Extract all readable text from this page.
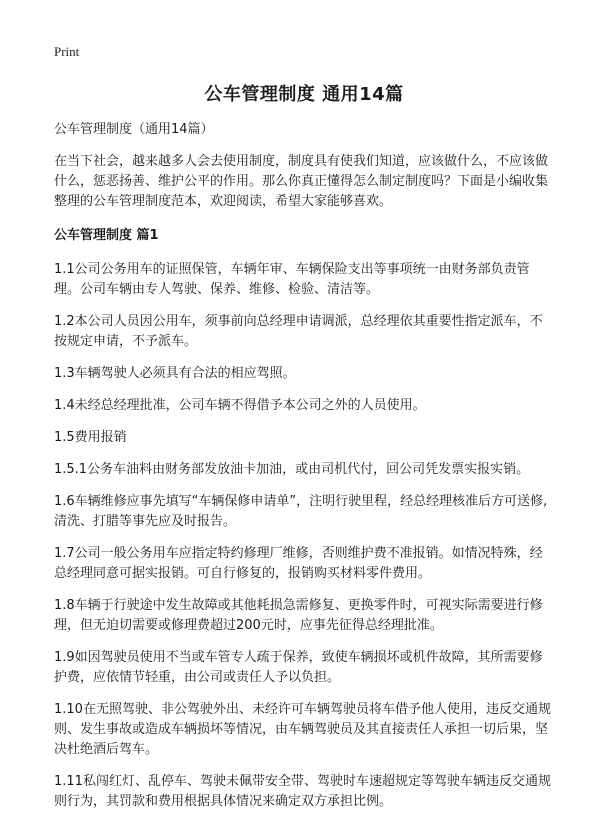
Print
公车管理制度 通用14篇

公车管理制度（通用14篇）

在当下社会，越来越多人会去使用制度，制度具有使我们知道，应该做什么，不应该做什么，惩恶扬善、维护公平的作用。那么你真正懂得怎么制定制度吗？下面是小编收集整理的公车管理制度范本，欢迎阅读，希望大家能够喜欢。

公车管理制度 篇1

1.1公司公务用车的证照保管，车辆年审、车辆保险支出等事项统一由财务部负责管理。公司车辆由专人驾驶、保养、维修、检验、清洁等。

1.2本公司人员因公用车，须事前向总经理申请调派，总经理依其重要性指定派车，不按规定申请，不予派车。

1.3车辆驾驶人必须具有合法的相应驾照。

1.4未经总经理批准，公司车辆不得借予本公司之外的人员使用。

1.5费用报销

1.5.1公务车油料由财务部发放油卡加油，或由司机代付，回公司凭发票实报实销。

1.6车辆维修应事先填写“车辆保修申请单”，注明行驶里程，经总经理核准后方可送修,清洗、打腊等事先应及时报告。

1.7公司一般公务用车应指定特约修理厂维修，否则维护费不准报销。如情况特殊，经总经理同意可据实报销。可自行修复的，报销购买材料零件费用。

1.8车辆于行驶途中发生故障或其他耗损急需修复、更换零件时，可视实际需要进行修理，但无迫切需要或修理费超过200元时，应事先征得总经理批准。

1.9如因驾驶员使用不当或车管专人疏于保养，致使车辆损坏或机件故障，其所需要修护费，应依情节轻重，由公司或责任人予以负担。

1.10在无照驾驶、非公驾驶外出、未经许可车辆驾驶员将车借予他人使用，违反交通规则、发生事故或造成车辆损坏等情况，由车辆驾驶员及其直接责任人承担一切后果，坚决杜绝酒后驾车。

1.11私闯红灯、乱停车、驾驶未佩带安全带、驾驶时车速超规定等驾驶车辆违反交通规则行为，其罚款和费用根据具体情况来确定双方承担比例。
